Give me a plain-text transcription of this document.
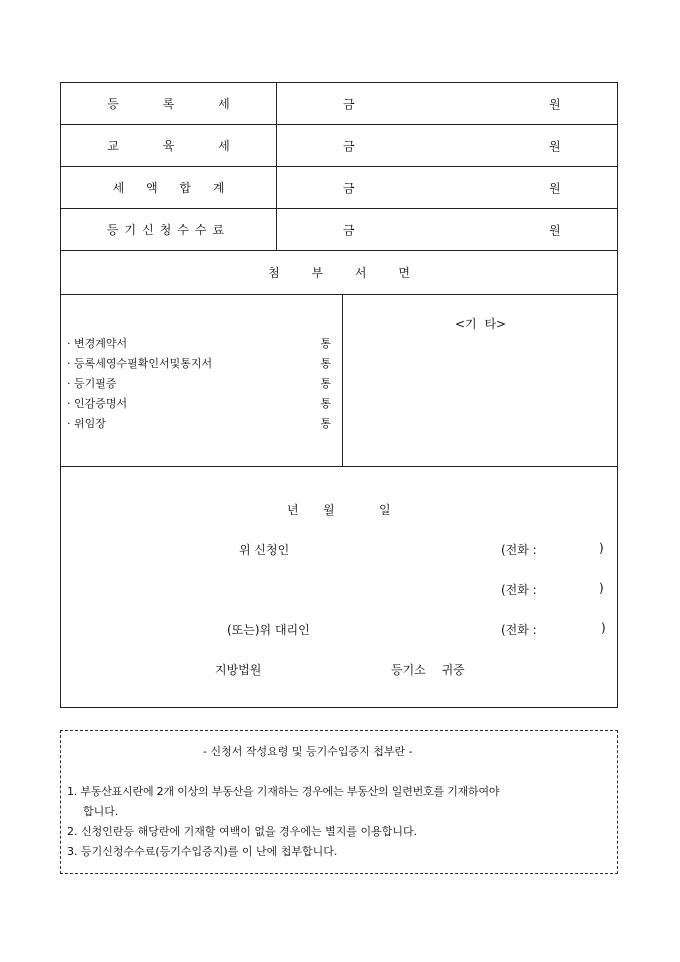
등 록 세	금	원
교 육 세	금	원
세 액 합 계	금	원
등기신청수수료	금	원
첨 부 서 면
· 변경계약서	통
· 등록세영수필확인서및통지서	통
· 등기필증	통
· 인감증명서	통
· 위임장	통
<기 타>
년 월	일
위 신청인	(전화 :	)
(전화 :	)
(또는)위 대리인	(전화 :	)
지방법원	등기소 귀중
- 신청서 작성요령 및 등기수입증지 첩부란 -
1. 부동산표시란에 2개 이상의 부동산을 기재하는 경우에는 부동산의 일련번호를 기재하여야
합니다.
2. 신청인란등 해당란에 기재할 여백이 없을 경우에는 별지를 이용합니다.
3. 등기신청수수료(등기수입증지)를 이 난에 첩부합니다.
